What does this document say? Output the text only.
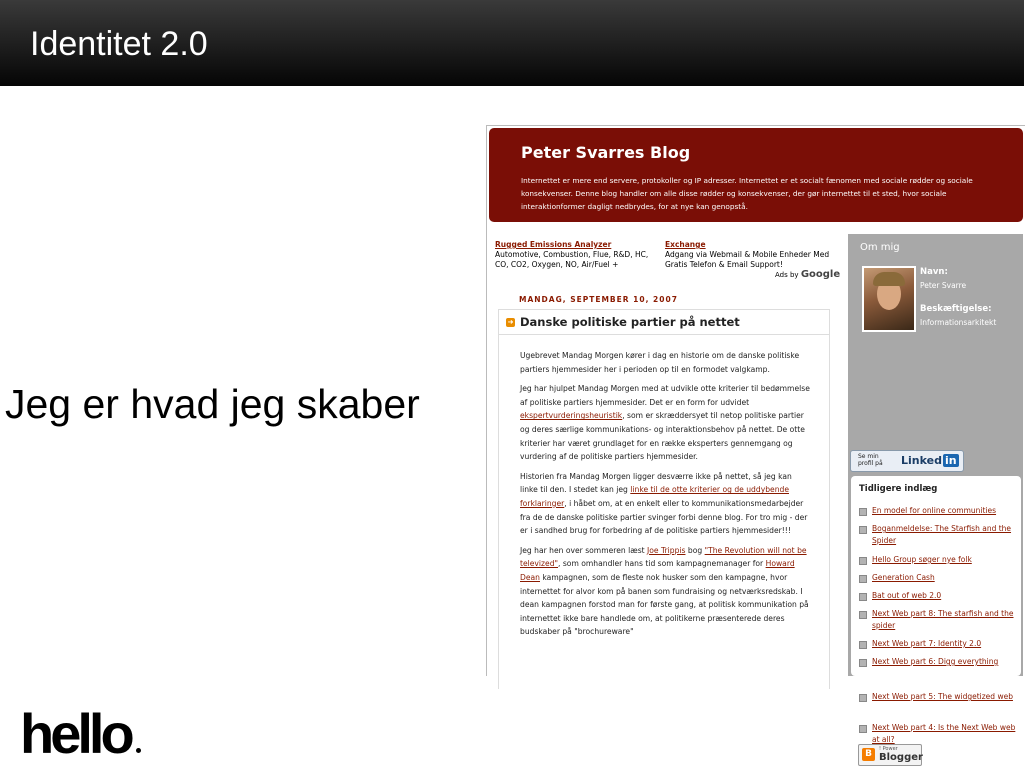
Identitet 2.0
Jeg er hvad jeg skaber
hello
Peter Svarres Blog
Internettet er mere end servere, protokoller og IP adresser. Internettet er et socialt fænomen med sociale rødder og sociale konsekvenser. Denne blog handler om alle disse rødder og konsekvenser, der gør internettet til et sted, hvor sociale interaktionformer dagligt nedbrydes, for at nye kan genopstå.
Rugged Emissions Analyzer
Automotive, Combustion, Flue, R&D, HC, CO, CO2, Oxygen, NO, Air/Fuel +
Exchange
Adgang via Webmail & Mobile Enheder Med Gratis Telefon & Email Support!
Ads by Google
MANDAG, SEPTEMBER 10, 2007
➜ Danske politiske partier på nettet

Ugebrevet Mandag Morgen kører i dag en historie om de danske politiske partiers hjemmesider her i perioden op til en formodet valgkamp.

Jeg har hjulpet Mandag Morgen med at udvikle otte kriterier til bedømmelse af politiske partiers hjemmesider. Det er en form for udvidet ekspertvurderingsheuristik, som er skræddersyet til netop politiske partier og deres særlige kommunikations- og interaktionsbehov på nettet. De otte kriterier har været grundlaget for en række eksperters gennemgang og vurdering af de politiske partiers hjemmesider.

Historien fra Mandag Morgen ligger desværre ikke på nettet, så jeg kan linke til den. I stedet kan jeg linke til de otte kriterier og de uddybende forklaringer, i håbet om, at en enkelt eller to kommunikationsmedarbejder fra de de danske politiske partier svinger forbi denne blog. For tro mig - der er i sandhed brug for forbedring af de politiske partiers hjemmesider!!!

Jeg har hen over sommeren læst Joe Trippis bog "The Revolution will not be televized", som omhandler hans tid som kampagnemanager for Howard Dean kampagnen, som de fleste nok husker som den kampagne, hvor internettet for alvor kom på banen som fundraising og netværksredskab. I dean kampagnen forstod man for første gang, at politisk kommunikation på internettet ikke bare handlede om, at politikerne præsenterede deres budskaber på "brochureware"

Om mig
Navn:
Peter Svarre
Beskæftigelse:
Informationsarkitekt
Se min profil på	Linked in
Tidligere indlæg
En model for online communities
Boganmeldelse: The Starfish and the Spider
Hello Group søger nye folk
Generation Cash
Bat out of web 2.0
Next Web part 8: The starfish and the spider
Next Web part 7: Identity 2.0
Next Web part 6: Digg everything
Next Web part 5: The widgetized web
Next Web part 4: Is the Next Web web at all?
B	! Power
Blogger
